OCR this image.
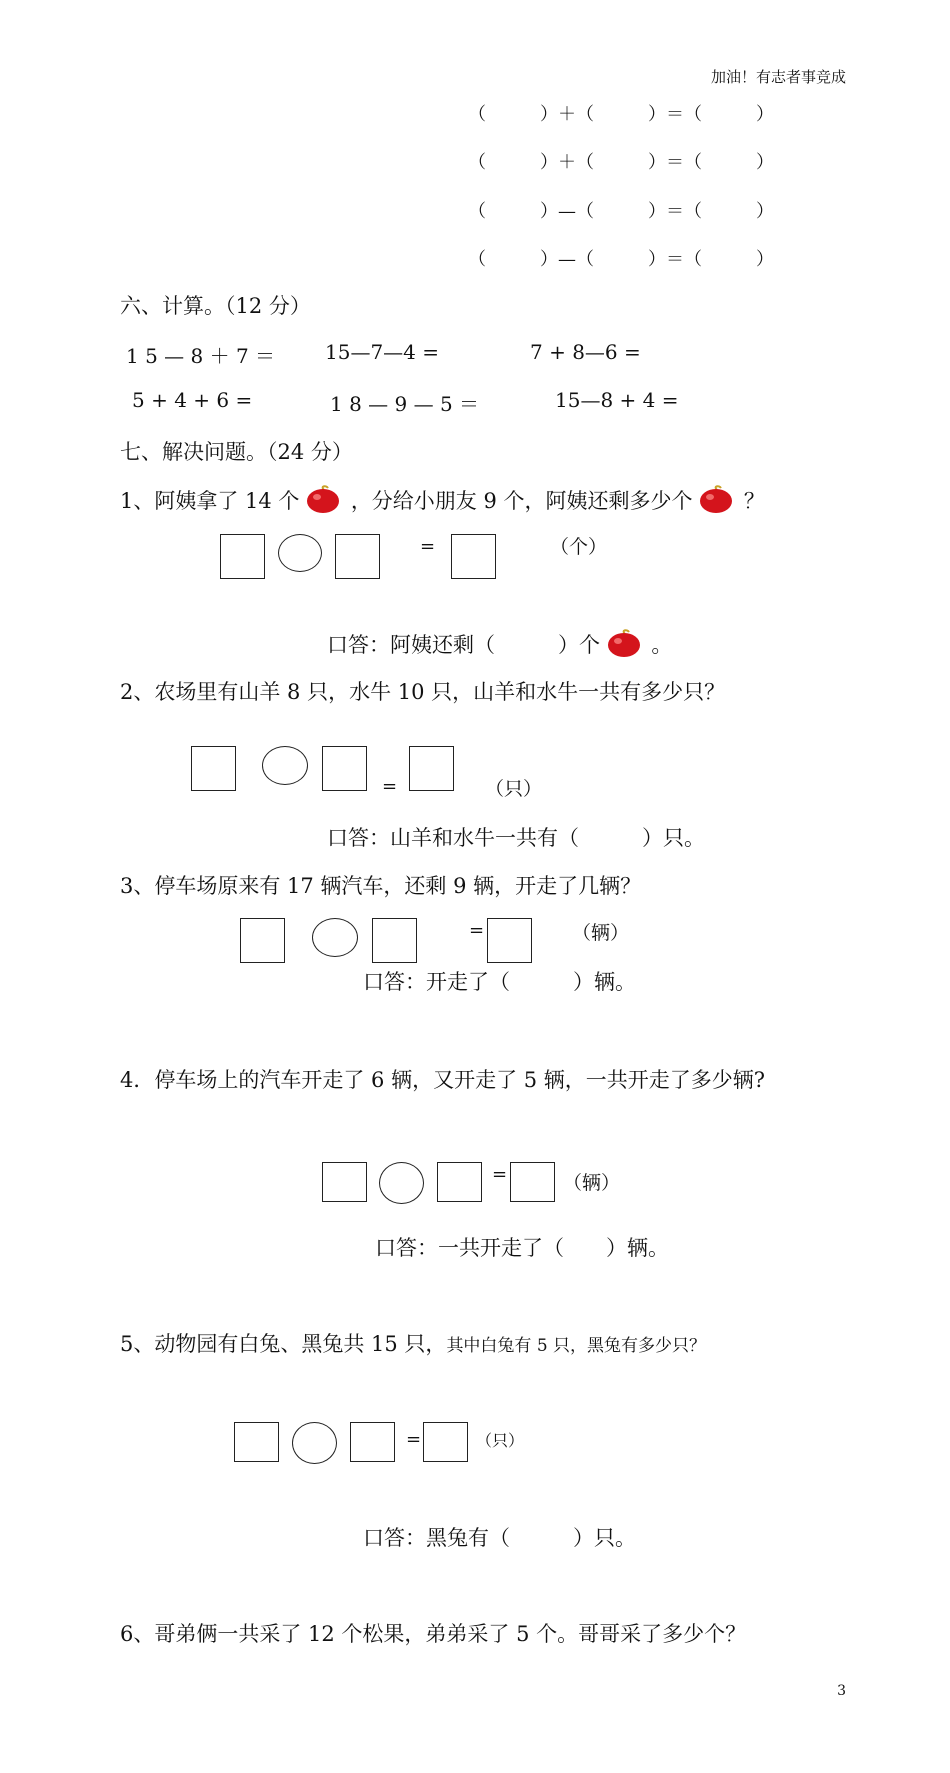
加油！有志者事竞成
（　　　）＋（　　　）＝（　　　）
（　　　）＋（　　　）＝（　　　）
（　　　）—（　　　）＝（　　　）
（　　　）—（　　　）＝（　　　）
六、计算。（12 分）
1 5 — 8 ＋ 7 ＝ 15—7—4 =	7 + 8—6 =
5 + 4 + 6 =	1 8 — 9 — 5 ＝	15—8 + 4 =
七、解决问题。（24 分）
1、阿姨拿了 14 个 ，分给小朋友 9 个，阿姨还剩多少个 ？
=	（个）
口答：阿姨还剩（　　　）个 。
2、农场里有山羊 8 只，水牛 10 只，山羊和水牛一共有多少只？
=	（只）
口答：山羊和水牛一共有（　　　）只。
3、停车场原来有 17 辆汽车，还剩 9 辆，开走了几辆？
=	（辆）
口答：开走了（　　　）辆。
4．停车场上的汽车开走了 6 辆，又开走了 5 辆，一共开走了多少辆?
=	（辆）
口答：一共开走了（　　）辆。
5、动物园有白兔、黑兔共 15 只，其中白兔有 5 只，黑兔有多少只？
=	（只）
口答：黑兔有（　　　）只。
6、哥弟俩一共采了 12 个松果，弟弟采了 5 个。哥哥采了多少个？
3
